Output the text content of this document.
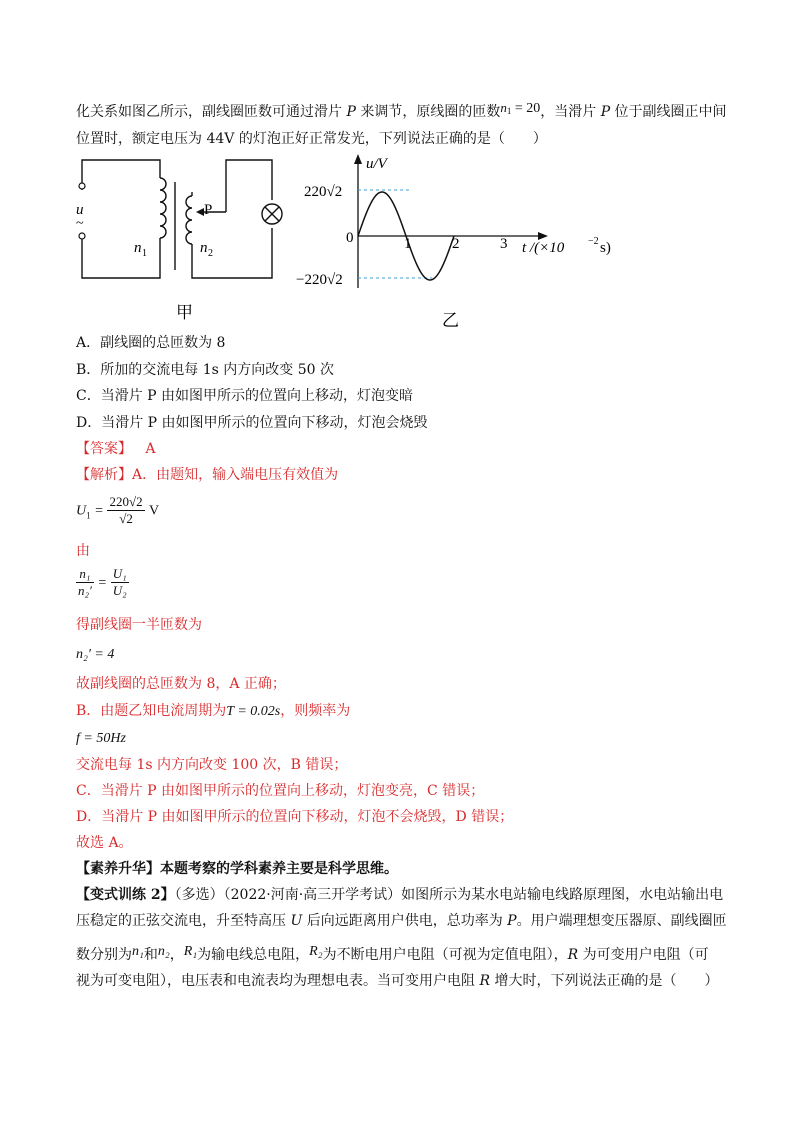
化关系如图乙所示，副线圈匝数可通过滑片 P 来调节，原线圈的匝数$n_1 = 20$，当滑片 P 位于副线圈正中间
位置时，额定电压为 44V 的灯泡正好正常发光，下列说法正确的是（　　）
u
~
n 1	n 2
P
甲
u/V
220√2
−220√2
0	1	2	3 t /(×10 −2 s)
乙
A．副线圈的总匝数为 8
B．所加的交流电每 1s 内方向改变 50 次
C．当滑片 P 由如图甲所示的位置向上移动，灯泡变暗
D．当滑片 P 由如图甲所示的位置向下移动，灯泡会烧毁
【答案】 A
【解析】A．由题知，输入端电压有效值为
$U_1 = \frac{220√2}{√2}$ V
由
$\frac{\text{n₁}}{\text{n₂′}} = \frac{\text{U₁}}{\text{U₂}}$
得副线圈一半匝数为
n₂′ = 4
故副线圈的总匝数为 8，A 正确；
B．由题乙知电流周期为T = 0.02s，则频率为
f = 50Hz
交流电每 1s 内方向改变 100 次，B 错误；
C．当滑片 P 由如图甲所示的位置向上移动，灯泡变亮，C 错误；
D．当滑片 P 由如图甲所示的位置向下移动，灯泡不会烧毁，D 错误；
故选 A。
【素养升华】本题考察的学科素养主要是科学思维。
【变式训练 2】（多选）（2022·河南·高三开学考试）如图所示为某水电站输电线路原理图，水电站输出电
压稳定的正弦交流电，升至特高压 U 后向远距离用户供电，总功率为 P。用户端理想变压器原、副线圈匝
数分别为n₁和n₂，R₁为输电线总电阻，R₂为不断电用户电阻（可视为定值电阻），R 为可变用户电阻（可
视为可变电阻），电压表和电流表均为理想电表。当可变用户电阻 R 增大时，下列说法正确的是（　　）
